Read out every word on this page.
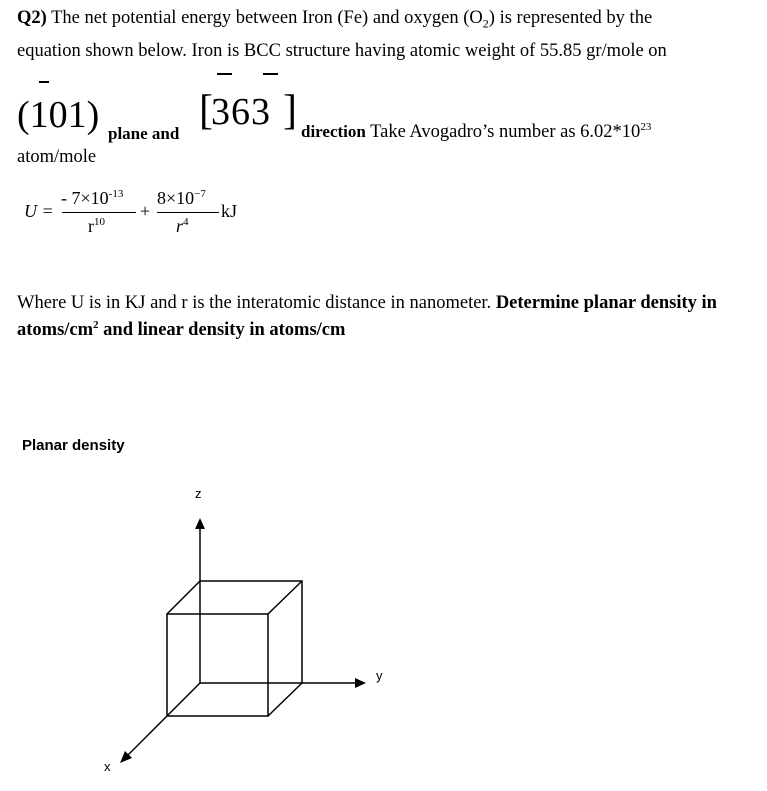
Q2) The net potential energy between Iron (Fe) and oxygen $(O_2)$ is represented by the
equation shown below. Iron is BCC structure having atomic weight of 55.85 gr/mole on
(101) plane and [
363 ] direction Take Avogadro’s number as $6.02*10^{23}$
atom/mole
U =
- $7\times 10^{-13}$
$r^{10}$
+
$8\times 10^{-7}$
$r^4$
kJ
Where U is in KJ and r is the interatomic distance in nanometer. Determine planar density in atoms/$cm^2$ and linear density in atoms/cm
Planar density
z
y
x
